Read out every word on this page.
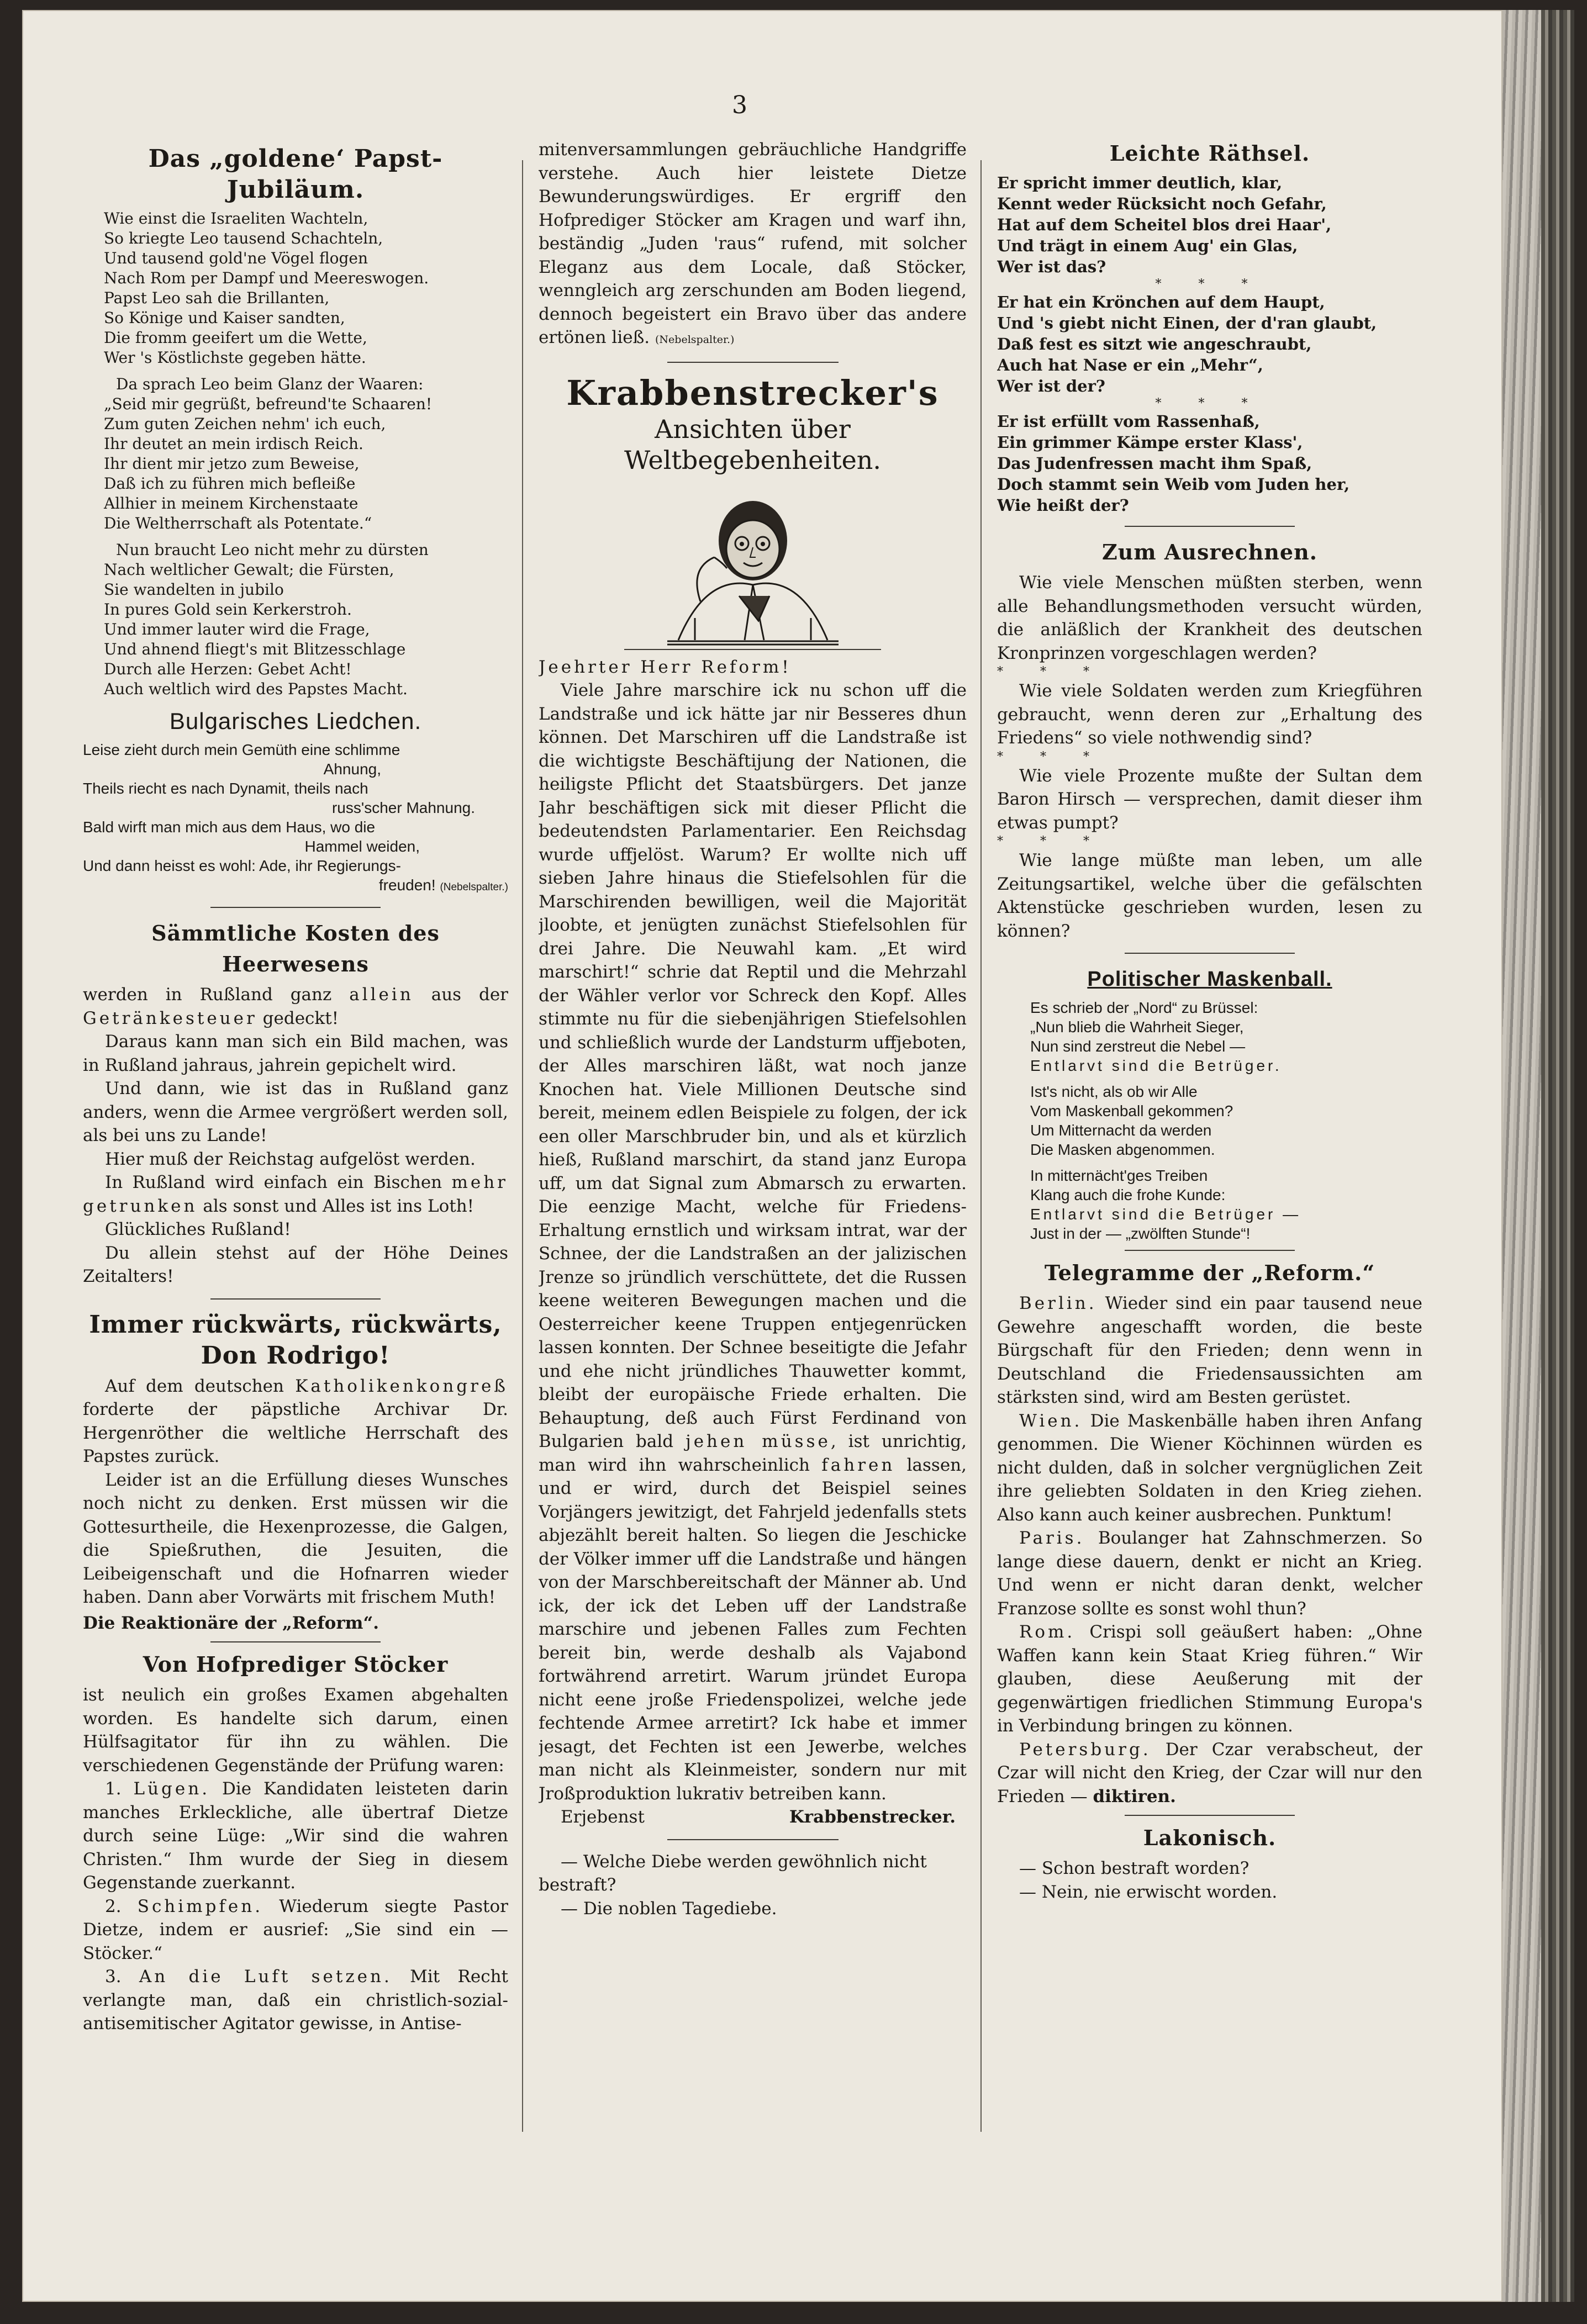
3
Das „goldene‘ Papst-Jubiläum.

Wie einst die Israeliten Wachteln,

So kriegte Leo tausend Schachteln,

Und tausend gold'ne Vögel flogen

Nach Rom per Dampf und Meereswogen.

Papst Leo sah die Brillanten,

So Könige und Kaiser sandten,

Die fromm geeifert um die Wette,

Wer 's Köstlichste gegeben hätte.

Da sprach Leo beim Glanz der Waaren:

„Seid mir gegrüßt, befreund'te Schaaren!

Zum guten Zeichen nehm' ich euch,

Ihr deutet an mein irdisch Reich.

Ihr dient mir jetzo zum Beweise,

Daß ich zu führen mich befleiße

Allhier in meinem Kirchenstaate

Die Weltherrschaft als Potentate.“

Nun braucht Leo nicht mehr zu dürsten

Nach weltlicher Gewalt; die Fürsten,

Sie wandelten in jubilo

In pures Gold sein Kerkerstroh.

Und immer lauter wird die Frage,

Und ahnend fliegt's mit Blitzesschlage

Durch alle Herzen: Gebet Acht!

Auch weltlich wird des Papstes Macht.

Bulgarisches Liedchen.

Leise zieht durch mein Gemüth eine schlimme

Ahnung,

Theils riecht es nach Dynamit, theils nach

russ'scher Mahnung.

Bald wirft man mich aus dem Haus, wo die

Hammel weiden,

Und dann heisst es wohl: Ade, ihr Regierungs-

freuden! (Nebelspalter.)

Sämmtliche Kosten des Heerwesens

werden in Rußland ganz allein aus der Getränkesteuer gedeckt!

Daraus kann man sich ein Bild machen, was in Rußland jahraus, jahrein gepichelt wird.

Und dann, wie ist das in Rußland ganz anders, wenn die Armee vergrößert werden soll, als bei uns zu Lande!

Hier muß der Reichstag aufgelöst werden.

In Rußland wird einfach ein Bischen mehr getrunken als sonst und Alles ist ins Loth!

Glückliches Rußland!

Du allein stehst auf der Höhe Deines Zeitalters!

Immer rückwärts, rückwärts,
Don Rodrigo!

Auf dem deutschen Katholikenkongreß forderte der päpstliche Archivar Dr. Hergenröther die weltliche Herrschaft des Papstes zurück.

Leider ist an die Erfüllung dieses Wunsches noch nicht zu denken. Erst müssen wir die Gottesurtheile, die Hexenprozesse, die Galgen, die Spießruthen, die Jesuiten, die Leibeigenschaft und die Hofnarren wieder haben. Dann aber Vorwärts mit frischem Muth!

Die Reaktionäre der „Reform“.

Von Hofprediger Stöcker

ist neulich ein großes Examen abgehalten worden. Es handelte sich darum, einen Hülfsagitator für ihn zu wählen. Die verschiedenen Gegenstände der Prüfung waren:

1. Lügen. Die Kandidaten leisteten darin manches Erkleckliche, alle übertraf Dietze durch seine Lüge: „Wir sind die wahren Christen.“ Ihm wurde der Sieg in diesem Gegenstande zuerkannt.

2. Schimpfen. Wiederum siegte Pastor Dietze, indem er ausrief: „Sie sind ein — Stöcker.“

3. An die Luft setzen. Mit Recht verlangte man, daß ein christlich-sozial-antisemitischer Agitator gewisse, in Antise-

mitenversammlungen gebräuchliche Handgriffe verstehe. Auch hier leistete Dietze Bewunderungswürdiges. Er ergriff den Hofprediger Stöcker am Kragen und warf ihn, beständig „Juden 'raus“ rufend, mit solcher Eleganz aus dem Locale, daß Stöcker, wenngleich arg zerschunden am Boden liegend, dennoch begeistert ein Bravo über das andere ertönen ließ. (Nebelspalter.)

Krabbenstrecker's
Ansichten über Weltbegebenheiten.

Jeehrter Herr Reform!

Viele Jahre marschire ick nu schon uff die Landstraße und ick hätte jar nir Besseres dhun können. Det Marschiren uff die Landstraße ist die wichtigste Beschäftijung der Nationen, die heiligste Pflicht det Staatsbürgers. Det janze Jahr beschäftigen sick mit dieser Pflicht die bedeutendsten Parlamentarier. Een Reichsdag wurde uffjelöst. Warum? Er wollte nich uff sieben Jahre hinaus die Stiefelsohlen für die Marschirenden bewilligen, weil die Majorität jloobte, et jenügten zunächst Stiefelsohlen für drei Jahre. Die Neuwahl kam. „Et wird marschirt!“ schrie dat Reptil und die Mehrzahl der Wähler verlor vor Schreck den Kopf. Alles stimmte nu für die siebenjährigen Stiefelsohlen und schließlich wurde der Landsturm uffjeboten, der Alles marschiren läßt, wat noch janze Knochen hat. Viele Millionen Deutsche sind bereit, meinem edlen Beispiele zu folgen, der ick een oller Marschbruder bin, und als et kürzlich hieß, Rußland marschirt, da stand janz Europa uff, um dat Signal zum Abmarsch zu erwarten. Die eenzige Macht, welche für Friedens-Erhaltung ernstlich und wirksam intrat, war der Schnee, der die Landstraßen an der jalizischen Jrenze so jründlich verschüttete, det die Russen keene weiteren Bewegungen machen und die Oesterreicher keene Truppen entjegenrücken lassen konnten. Der Schnee beseitigte die Jefahr und ehe nicht jründliches Thauwetter kommt, bleibt der europäische Friede erhalten. Die Behauptung, deß auch Fürst Ferdinand von Bulgarien bald jehen müsse, ist unrichtig, man wird ihn wahrscheinlich fahren lassen, und er wird, durch det Beispiel seines Vorjängers jewitzigt, det Fahrjeld jedenfalls stets abjezählt bereit halten. So liegen die Jeschicke der Völker immer uff die Landstraße und hängen von der Marschbereitschaft der Männer ab. Und ick, der ick det Leben uff der Landstraße marschire und jebenen Falles zum Fechten bereit bin, werde deshalb als Vajabond fortwährend arretirt. Warum jründet Europa nicht eene jroße Friedenspolizei, welche jede fechtende Armee arretirt? Ick habe et immer jesagt, det Fechten ist een Jewerbe, welches man nicht als Kleinmeister, sondern nur mit Jroßproduktion lukrativ betreiben kann.

Erjebenst	Krabbenstrecker.

— Welche Diebe werden gewöhnlich nicht bestraft?

— Die noblen Tagediebe.

Leichte Räthsel.

Er spricht immer deutlich, klar,

Kennt weder Rücksicht noch Gefahr,

Hat auf dem Scheitel blos drei Haar',

Und trägt in einem Aug' ein Glas,

Wer ist das?

* * *

Er hat ein Krönchen auf dem Haupt,

Und 's giebt nicht Einen, der d'ran glaubt,

Daß fest es sitzt wie angeschraubt,

Auch hat Nase er ein „Mehr“,

Wer ist der?

* * *

Er ist erfüllt vom Rassenhaß,

Ein grimmer Kämpe erster Klass',

Das Judenfressen macht ihm Spaß,

Doch stammt sein Weib vom Juden her,

Wie heißt der?

Zum Ausrechnen.

Wie viele Menschen müßten sterben, wenn alle Behandlungsmethoden versucht würden, die anläßlich der Krankheit des deutschen Kronprinzen vorgeschlagen werden?

* * *

Wie viele Soldaten werden zum Kriegführen gebraucht, wenn deren zur „Erhaltung des Friedens“ so viele nothwendig sind?

* * *

Wie viele Prozente mußte der Sultan dem Baron Hirsch — versprechen, damit dieser ihm etwas pumpt?

* * *

Wie lange müßte man leben, um alle Zeitungsartikel, welche über die gefälschten Aktenstücke geschrieben wurden, lesen zu können?

Politischer Maskenball.

Es schrieb der „Nord“ zu Brüssel:

„Nun blieb die Wahrheit Sieger,

Nun sind zerstreut die Nebel —

Entlarvt sind die Betrüger.

Ist's nicht, als ob wir Alle

Vom Maskenball gekommen?

Um Mitternacht da werden

Die Masken abgenommen.

In mitternächt'ges Treiben

Klang auch die frohe Kunde:

Entlarvt sind die Betrüger —

Just in der — „zwölften Stunde“!

Telegramme der „Reform.“

Berlin. Wieder sind ein paar tausend neue Gewehre angeschafft worden, die beste Bürgschaft für den Frieden; denn wenn in Deutschland die Friedensaussichten am stärksten sind, wird am Besten gerüstet.

Wien. Die Maskenbälle haben ihren Anfang genommen. Die Wiener Köchinnen würden es nicht dulden, daß in solcher vergnüglichen Zeit ihre geliebten Soldaten in den Krieg ziehen. Also kann auch keiner ausbrechen. Punktum!

Paris. Boulanger hat Zahnschmerzen. So lange diese dauern, denkt er nicht an Krieg. Und wenn er nicht daran denkt, welcher Franzose sollte es sonst wohl thun?

Rom. Crispi soll geäußert haben: „Ohne Waffen kann kein Staat Krieg führen.“ Wir glauben, diese Aeußerung mit der gegenwärtigen friedlichen Stimmung Europa's in Verbindung bringen zu können.

Petersburg. Der Czar verabscheut, der Czar will nicht den Krieg, der Czar will nur den Frieden — diktiren.

Lakonisch.

— Schon bestraft worden?

— Nein, nie erwischt worden.
